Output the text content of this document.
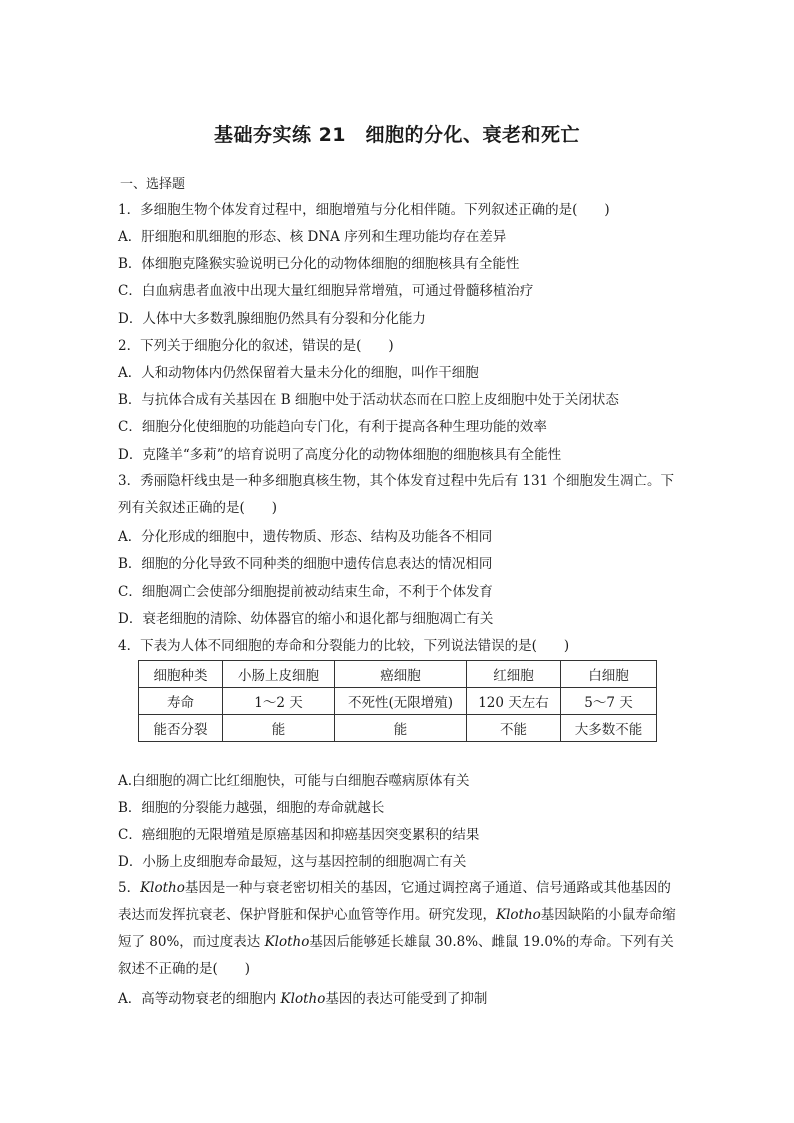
基础夯实练 21　细胞的分化、衰老和死亡
一、选择题
1．多细胞生物个体发育过程中，细胞增殖与分化相伴随。下列叙述正确的是(　　)
A．肝细胞和肌细胞的形态、核 DNA 序列和生理功能均存在差异
B．体细胞克隆猴实验说明已分化的动物体细胞的细胞核具有全能性
C．白血病患者血液中出现大量红细胞异常增殖，可通过骨髓移植治疗
D．人体中大多数乳腺细胞仍然具有分裂和分化能力
2．下列关于细胞分化的叙述，错误的是(　　)
A．人和动物体内仍然保留着大量未分化的细胞，叫作干细胞
B．与抗体合成有关基因在 B 细胞中处于活动状态而在口腔上皮细胞中处于关闭状态
C．细胞分化使细胞的功能趋向专门化，有利于提高各种生理功能的效率
D．克隆羊“多莉”的培育说明了高度分化的动物体细胞的细胞核具有全能性
3．秀丽隐杆线虫是一种多细胞真核生物，其个体发育过程中先后有 131 个细胞发生凋亡。下列有关叙述正确的是(　　)
A．分化形成的细胞中，遗传物质、形态、结构及功能各不相同
B．细胞的分化导致不同种类的细胞中遗传信息表达的情况相同
C．细胞凋亡会使部分细胞提前被动结束生命，不利于个体发育
D．衰老细胞的清除、幼体器官的缩小和退化都与细胞凋亡有关
4．下表为人体不同细胞的寿命和分裂能力的比较，下列说法错误的是(　　)
细胞种类	小肠上皮细胞	癌细胞	红细胞	白细胞
寿命	1～2 天	不死性(无限增殖)	120 天左右	5～7 天
能否分裂	能	能	不能	大多数不能
A.白细胞的凋亡比红细胞快，可能与白细胞吞噬病原体有关
B．细胞的分裂能力越强，细胞的寿命就越长
C．癌细胞的无限增殖是原癌基因和抑癌基因突变累积的结果
D．小肠上皮细胞寿命最短，这与基因控制的细胞凋亡有关
5．Klotho基因是一种与衰老密切相关的基因，它通过调控离子通道、信号通路或其他基因的表达而发挥抗衰老、保护肾脏和保护心血管等作用。研究发现，Klotho基因缺陷的小鼠寿命缩短了 80%，而过度表达 Klotho基因后能够延长雄鼠 30.8%、雌鼠 19.0%的寿命。下列有关叙述不正确的是(　　)
A．高等动物衰老的细胞内 Klotho基因的表达可能受到了抑制
